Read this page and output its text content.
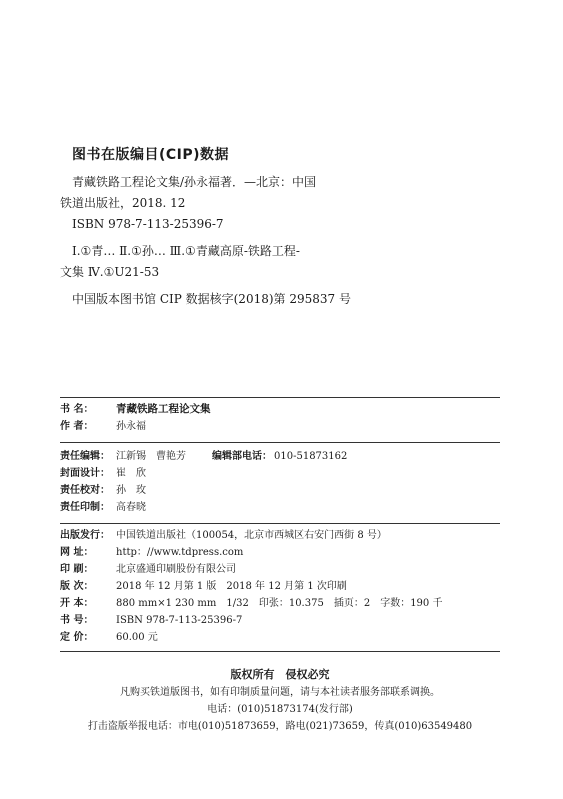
图书在版编目(CIP)数据
青藏铁路工程论文集/孙永福著．—北京：中国
铁道出版社，2018. 12
ISBN 978-7-113-25396-7
Ⅰ.①青… Ⅱ.①孙… Ⅲ.①青藏高原-铁路工程-
文集 Ⅳ.①U21-53
中国版本图书馆 CIP 数据核字(2018)第 295837 号
书 名： 青藏铁路工程论文集
作 者： 孙永福
责任编辑： 江新锡　曹艳芳	编辑部电话： 010-51873162
封面设计： 崔　欣
责任校对： 孙　玫
责任印制： 高春晓
出版发行： 中国铁道出版社（100054，北京市西城区右安门西街 8 号）
网 址： http：//www.tdpress.com
印 刷： 北京盛通印刷股份有限公司
版 次： 2018 年 12 月第 1 版　2018 年 12 月第 1 次印刷
开 本： 880 mm×1 230 mm　1/32　印张：10.375　插页：2　字数：190 千
书 号： ISBN 978-7-113-25396-7
定 价： 60.00 元
版权所有　侵权必究
凡购买铁道版图书，如有印制质量问题，请与本社读者服务部联系调换。
电话：(010)51873174(发行部)
打击盗版举报电话：市电(010)51873659，路电(021)73659，传真(010)63549480
